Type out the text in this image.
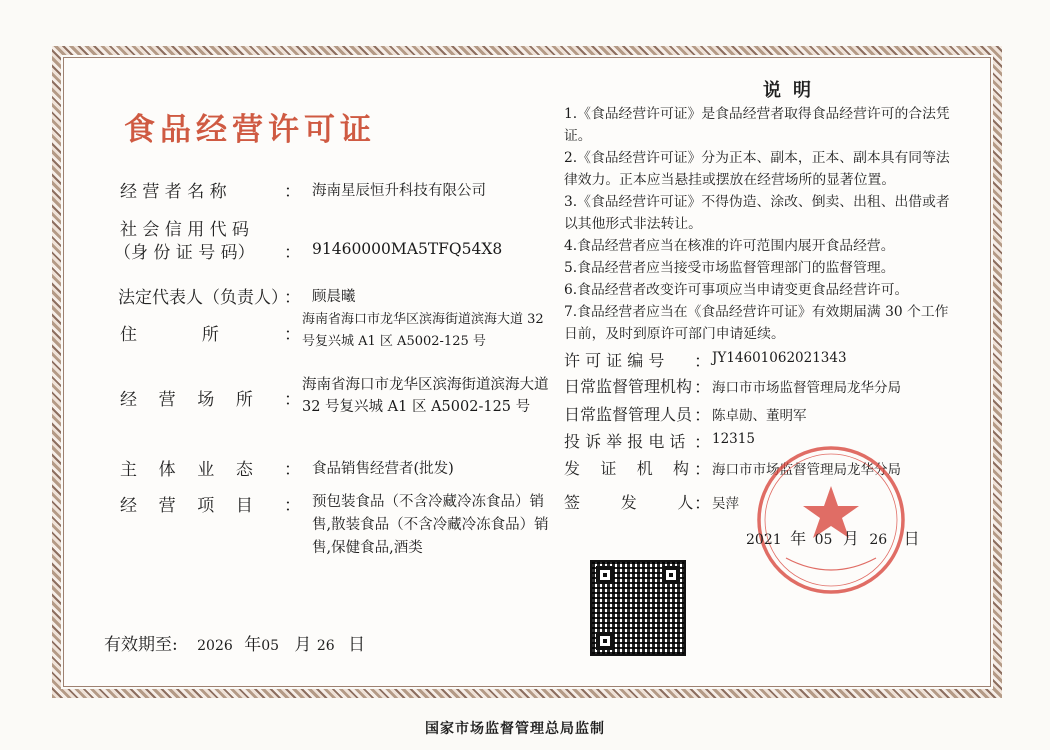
食品经营许可证
经 营 者 名 称	： 海南星辰恒升科技有限公司
社 会 信 用 代 码
（身 份 证 号 码） ： 91460000MA5TFQ54X8
法定代表人（负责人）
： 顾晨曦
住            所	：
海南省海口市龙华区滨海街道滨海大道 32 号复兴城 A1 区 A5002-125 号
经    营    场    所 ：
海南省海口市龙华区滨海街道滨海大道 32 号复兴城 A1 区 A5002-125 号
主    体    业    态 ： 食品销售经营者(批发)
经    营    项    目 ： 预包装食品（不含冷藏冷冻食品）销售,散装食品（不含冷藏冷冻食品）销售,保健食品,酒类
有效期至: 2026 年05 月 26 日
说明
1.《食品经营许可证》是食品经营者取得食品经营许可的合法凭证。
2.《食品经营许可证》分为正本、副本，正本、副本具有同等法律效力。正本应当悬挂或摆放在经营场所的显著位置。
3.《食品经营许可证》不得伪造、涂改、倒卖、出租、出借或者以其他形式非法转让。
4.食品经营者应当在核准的许可范围内展开食品经营。
5.食品经营者应当接受市场监督管理部门的监督管理。
6.食品经营者改变许可事项应当申请变更食品经营许可。
7.食品经营者应当在《食品经营许可证》有效期届满 30 个工作日前，及时到原许可部门申请延续。
许 可 证 编 号 ： JY14601062021343
日常监督管理机构 ： 海口市市场监督管理局龙华分局
日常监督管理人员 ： 陈卓勋、董明军
投 诉 举 报 电 话 ： 12315
发    证    机    构 ： 海口市市场监督管理局龙华分局
签        发        人 ： 吴萍
2021 年 05 月 26 日
国家市场监督管理总局监制
